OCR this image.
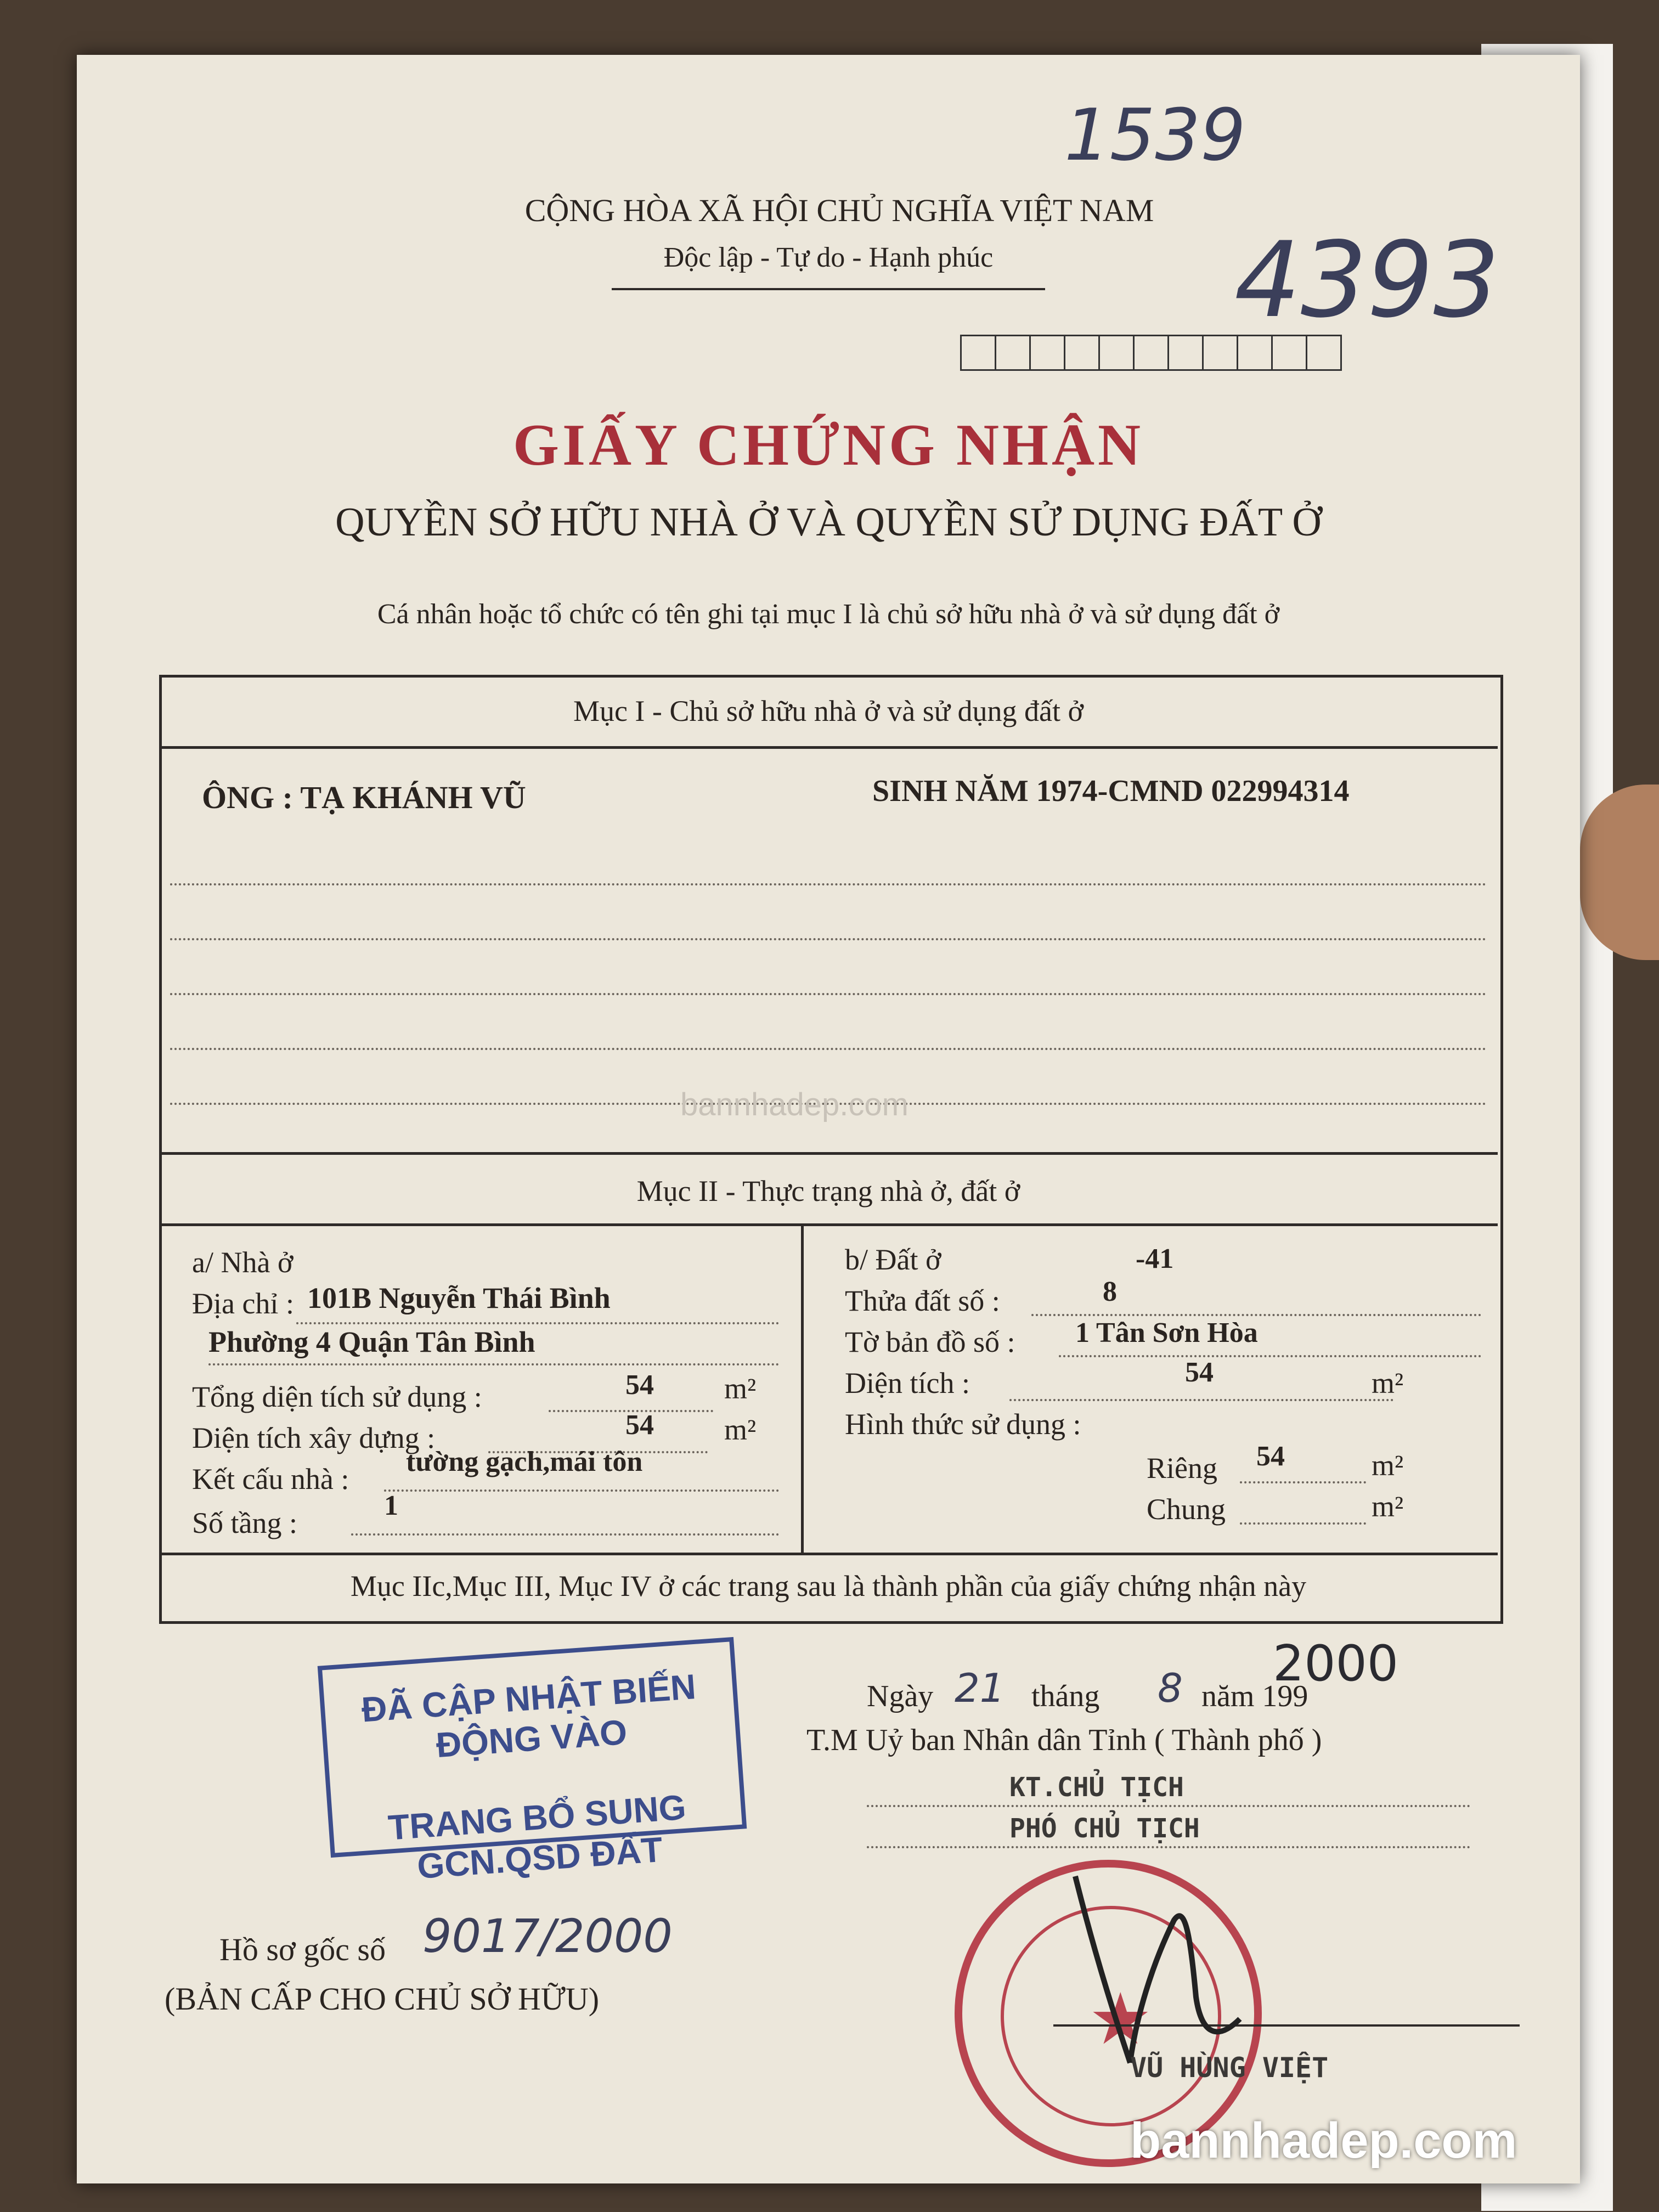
1539
4393
CỘNG HÒA XÃ HỘI CHỦ NGHĨA VIỆT NAM
Độc lập - Tự do - Hạnh phúc
GIẤY CHỨNG NHẬN
QUYỀN SỞ HỮU NHÀ Ở VÀ QUYỀN SỬ DỤNG ĐẤT Ở
Cá nhân hoặc tổ chức có tên ghi tại mục I là chủ sở hữu nhà ở và sử dụng đất ở
Mục I - Chủ sở hữu nhà ở và sử dụng đất ở
ÔNG : TẠ KHÁNH VŨ	SINH NĂM 1974-CMND 022994314
bannhadep.com
Mục II - Thực trạng nhà ở, đất ở
a/ Nhà ở
Địa chỉ : 101B Nguyễn Thái Bình
Phường 4 Quận Tân Bình
Tổng diện tích sử dụng :	54 m²
Diện tích xây dựng :	54 m²
Kết cấu nhà :
tường gạch,mái tôn
Số tầng :
1
b/ Đất ở	-41
Thửa đất số :	8
Tờ bản đồ số : 1 Tân Sơn Hòa
Diện tích :	54	m²
Hình thức sử dụng :
Riêng 54	m²
Chung	m²
Mục IIc,Mục III, Mục IV ở các trang sau là thành phần của giấy chứng nhận này
Ngày 21 tháng 8 năm 199
2000
T.M Uỷ ban Nhân dân Tỉnh ( Thành phố )
KT.CHỦ TỊCH
PHÓ CHỦ TỊCH
ĐÃ CẬP NHẬT BIẾN ĐỘNG VÀO
TRANG BỔ SUNG GCN.QSD ĐẤT
★
VŨ HÙNG VIỆT
Hồ sơ gốc số 9017/2000
(BẢN CẤP CHO CHỦ SỞ HỮU)
bannhadep.com
